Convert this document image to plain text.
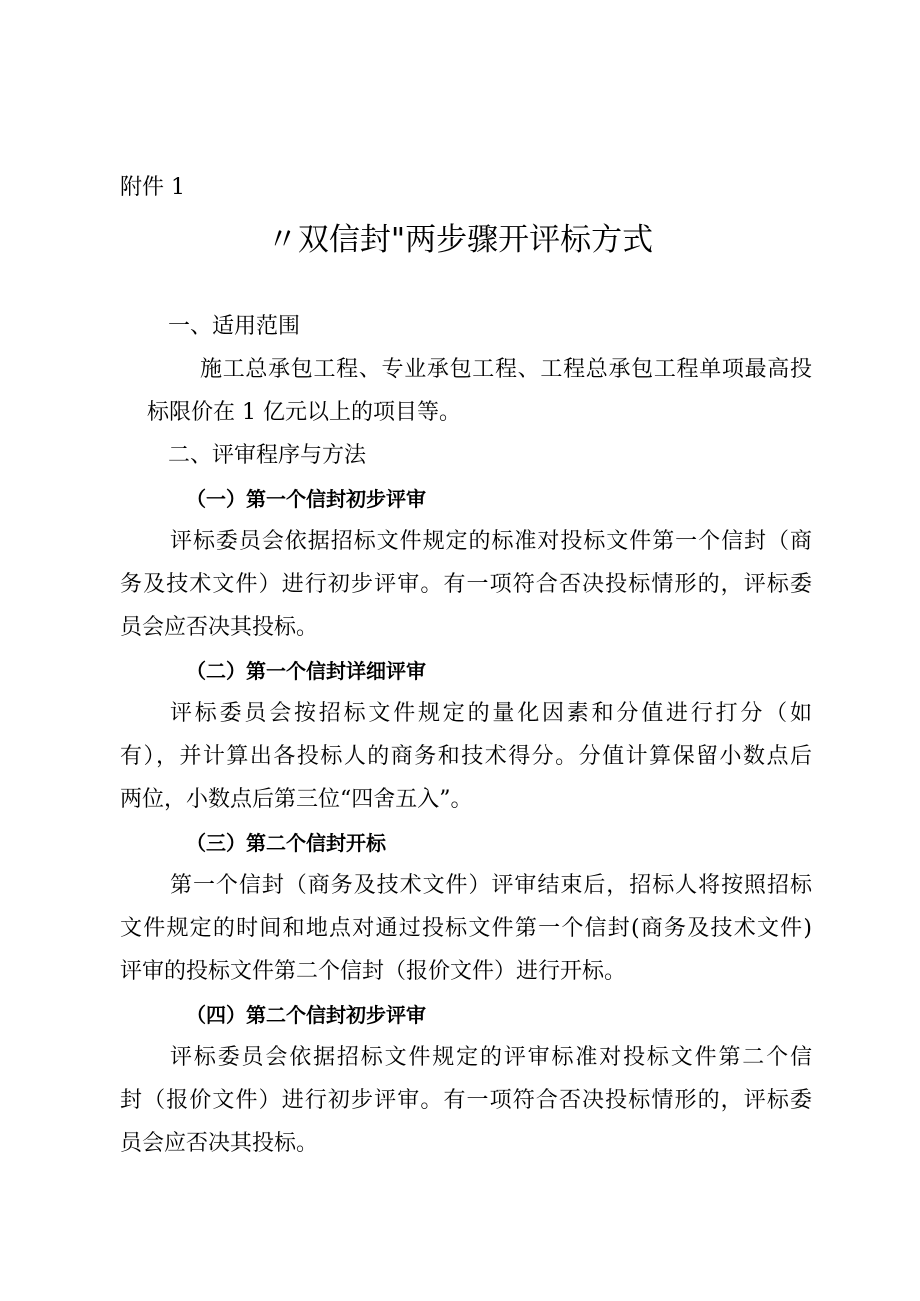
附件 1
〃双信封"两步骤开评标方式
一、适用范围
施工总承包工程、专业承包工程、工程总承包工程单项最高投
标限价在 1 亿元以上的项目等。
二、评审程序与方法
（一）第一个信封初步评审
评标委员会依据招标文件规定的标准对投标文件第一个信封（商
务及技术文件）进行初步评审。有一项符合否决投标情形的，评标委
员会应否决其投标。
（二）第一个信封详细评审
评标委员会按招标文件规定的量化因素和分值进行打分（如
有），并计算出各投标人的商务和技术得分。分值计算保留小数点后
两位，小数点后第三位“四舍五入”。
（三）第二个信封开标
第一个信封（商务及技术文件）评审结束后，招标人将按照招标
文件规定的时间和地点对通过投标文件第一个信封(商务及技术文件)
评审的投标文件第二个信封（报价文件）进行开标。
（四）第二个信封初步评审
评标委员会依据招标文件规定的评审标准对投标文件第二个信
封（报价文件）进行初步评审。有一项符合否决投标情形的，评标委
员会应否决其投标。
